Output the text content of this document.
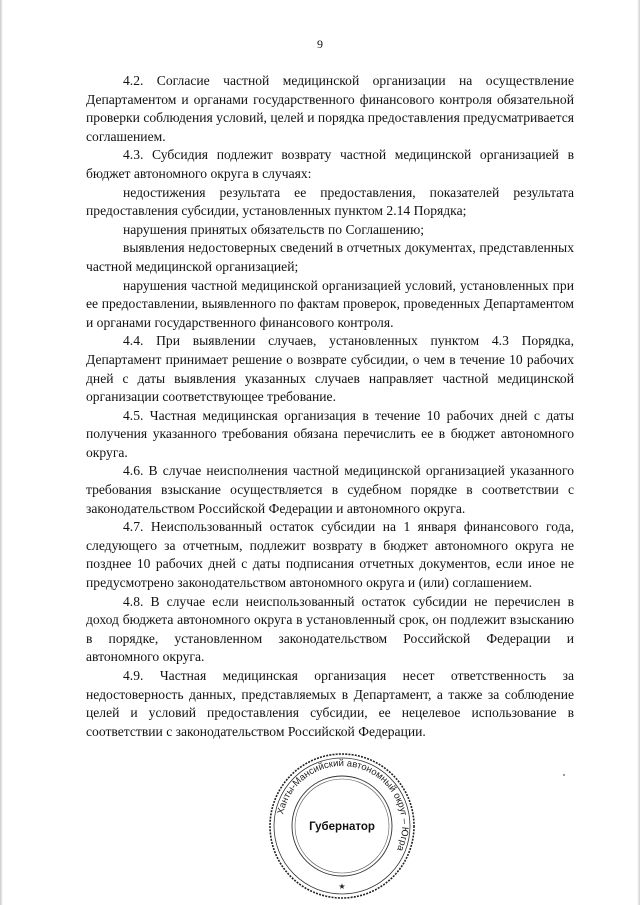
9

4.2. Согласие частной медицинской организации на осуществление Департаментом и органами государственного финансового контроля обязательной проверки соблюдения условий, целей и порядка предоставления предусматривается соглашением.

4.3. Субсидия подлежит возврату частной медицинской организацией в бюджет автономного округа в случаях:

недостижения результата ее предоставления, показателей результата предоставления субсидии, установленных пунктом 2.14 Порядка;

нарушения принятых обязательств по Соглашению;

выявления недостоверных сведений в отчетных документах, представленных частной медицинской организацией;

нарушения частной медицинской организацией условий, установленных при ее предоставлении, выявленного по фактам проверок, проведенных Департаментом и органами государственного финансового контроля.

4.4. При выявлении случаев, установленных пунктом 4.3 Порядка, Департамент принимает решение о возврате субсидии, о чем в течение 10 рабочих дней с даты выявления указанных случаев направляет частной медицинской организации соответствующее требование.

4.5. Частная медицинская организация в течение 10 рабочих дней с даты получения указанного требования обязана перечислить ее в бюджет автономного округа.

4.6. В случае неисполнения частной медицинской организацией указанного требования взыскание осуществляется в судебном порядке в соответствии с законодательством Российской Федерации и автономного округа.

4.7. Неиспользованный остаток субсидии на 1 января финансового года, следующего за отчетным, подлежит возврату в бюджет автономного округа не позднее 10 рабочих дней с даты подписания отчетных документов, если иное не предусмотрено законодательством автономного округа и (или) соглашением.

4.8. В случае если неиспользованный остаток субсидии не перечислен в доход бюджета автономного округа в установленный срок, он подлежит взысканию в порядке, установленном законодательством Российской Федерации и автономного округа.

4.9. Частная медицинская организация несет ответственность за недостоверность данных, представляемых в Департамент, а также за соблюдение целей и условий предоставления субсидии, ее нецелевое использование в соответствии с законодательством Российской Федерации.

Ханты-Мансийский автономный округ – Югра
Губернатор
★
